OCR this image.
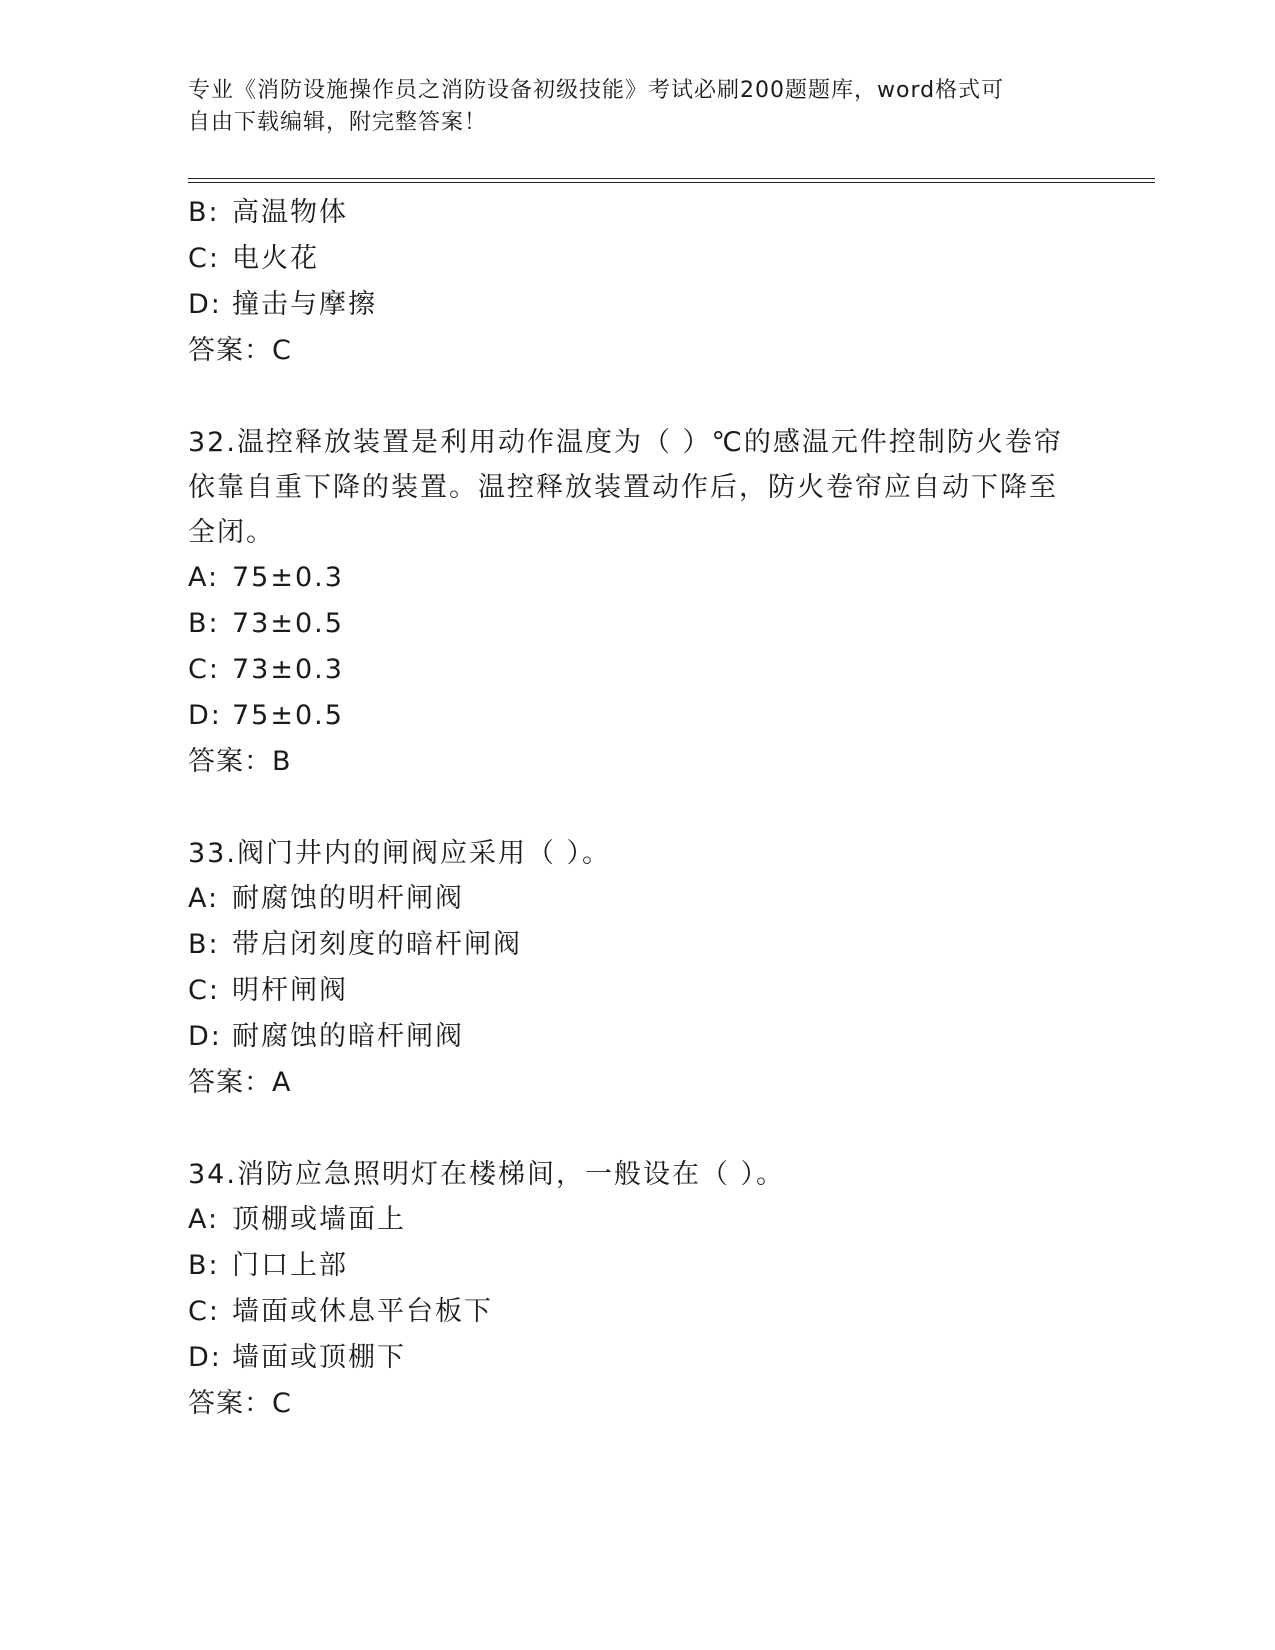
专业《消防设施操作员之消防设备初级技能》考试必刷200题题库，word格式可
自由下载编辑，附完整答案！
B: 高温物体
C: 电火花
D: 撞击与摩擦
答案：C
32.温控释放装置是利用动作温度为（ ）℃的感温元件控制防火卷帘
依靠自重下降的装置。温控释放装置动作后，防火卷帘应自动下降至
全闭。
A: 75±0.3
B: 73±0.5
C: 73±0.3
D: 75±0.5
答案：B
33.阀门井内的闸阀应采用（ ）。
A: 耐腐蚀的明杆闸阀
B: 带启闭刻度的暗杆闸阀
C: 明杆闸阀
D: 耐腐蚀的暗杆闸阀
答案：A
34.消防应急照明灯在楼梯间，一般设在（ ）。
A: 顶棚或墙面上
B: 门口上部
C: 墙面或休息平台板下
D: 墙面或顶棚下
答案：C
